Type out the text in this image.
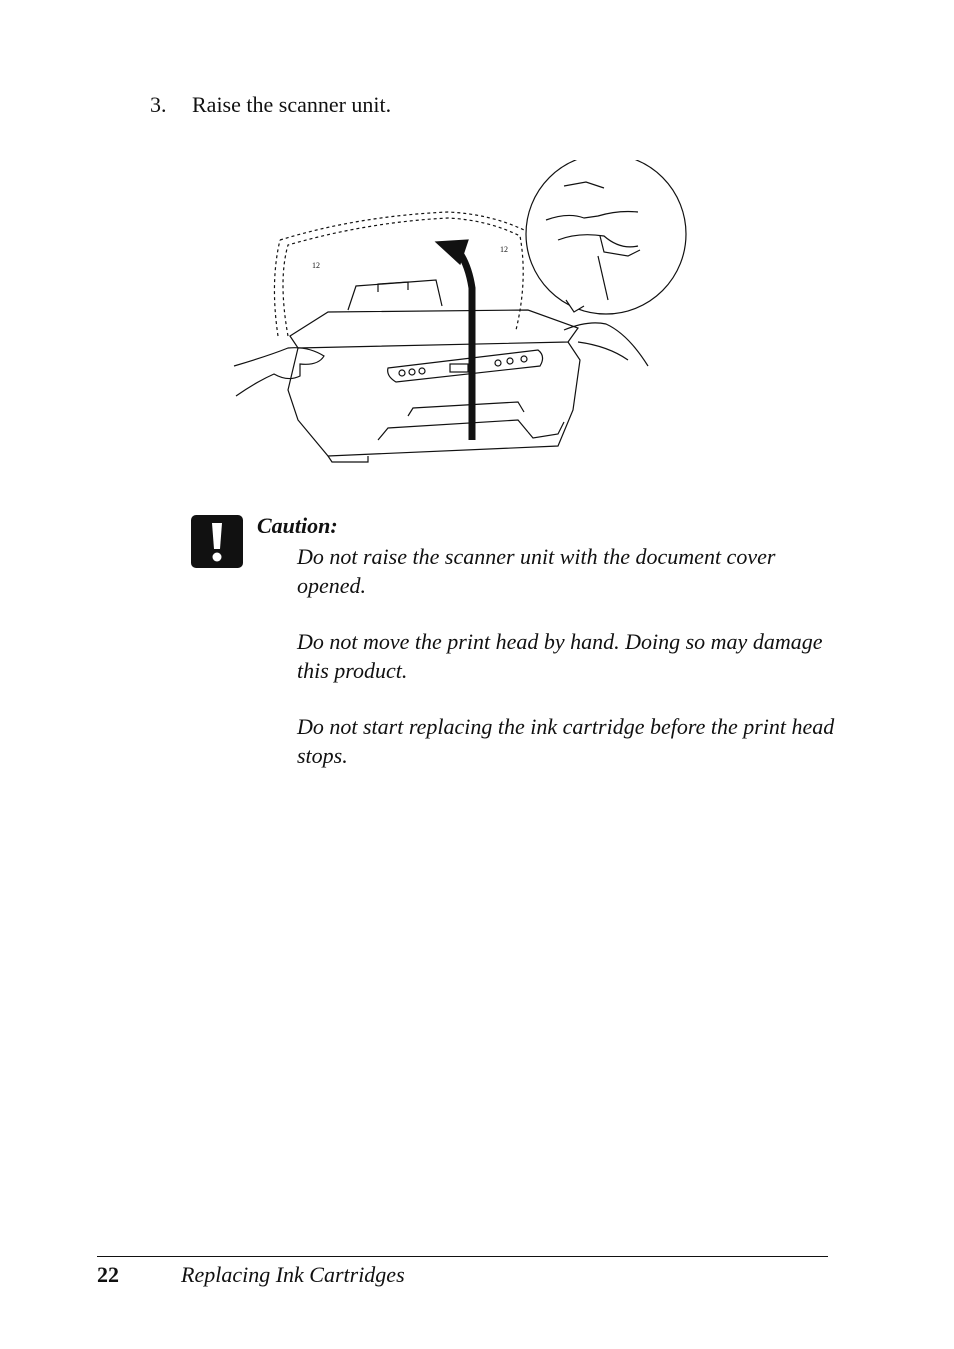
3. Raise the scanner unit.
12
12
Caution:

Do not raise the scanner unit with the document cover opened.

Do not move the print head by hand. Doing so may damage this product.

Do not start replacing the ink cartridge before the print head stops.

22	Replacing Ink Cartridges
